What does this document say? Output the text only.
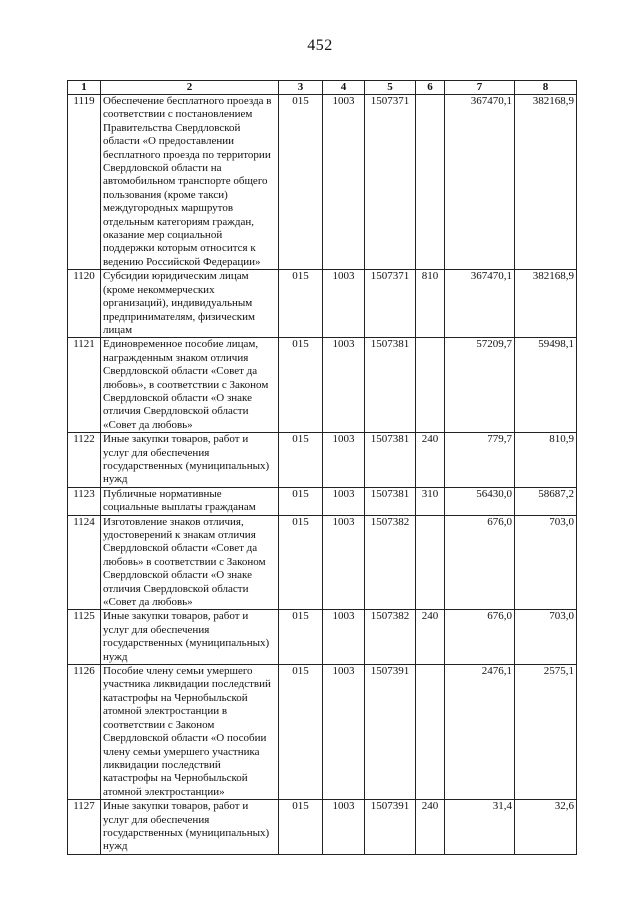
452
1	2	3	4	5	6	7	8
1119	Обеспечение бесплатного проезда в соответствии с постановлением Правительства Свердловской области «О предоставлении бесплатного проезда по территории Свердловской области на автомобильном транспорте общего пользования (кроме такси) междугородных маршрутов отдельным категориям граждан, оказание мер социальной поддержки которым относится к ведению Российской Федерации»	015	1003	1507371		367470,1	382168,9
1120	Субсидии юридическим лицам (кроме некоммерческих организаций), индивидуальным предпринимателям, физическим лицам	015	1003	1507371	810	367470,1	382168,9
1121	Единовременное пособие лицам, награжденным знаком отличия Свердловской области «Совет да любовь», в соответствии с Законом Свердловской области «О знаке отличия Свердловской области «Совет да любовь»	015	1003	1507381		57209,7	59498,1
1122	Иные закупки товаров, работ и услуг для обеспечения государственных (муниципальных) нужд	015	1003	1507381	240	779,7	810,9
1123	Публичные нормативные социальные выплаты гражданам	015	1003	1507381	310	56430,0	58687,2
1124	Изготовление знаков отличия, удостоверений к знакам отличия Свердловской области «Совет да любовь» в соответствии с Законом Свердловской области «О знаке отличия Свердловской области «Совет да любовь»	015	1003	1507382		676,0	703,0
1125	Иные закупки товаров, работ и услуг для обеспечения государственных (муниципальных) нужд	015	1003	1507382	240	676,0	703,0
1126	Пособие члену семьи умершего участника ликвидации последствий катастрофы на Чернобыльской атомной электростанции в соответствии с Законом Свердловской области «О пособии члену семьи умершего участника ликвидации последствий катастрофы на Чернобыльской атомной электростанции»	015	1003	1507391		2476,1	2575,1
1127	Иные закупки товаров, работ и услуг для обеспечения государственных (муниципальных) нужд	015	1003	1507391	240	31,4	32,6
